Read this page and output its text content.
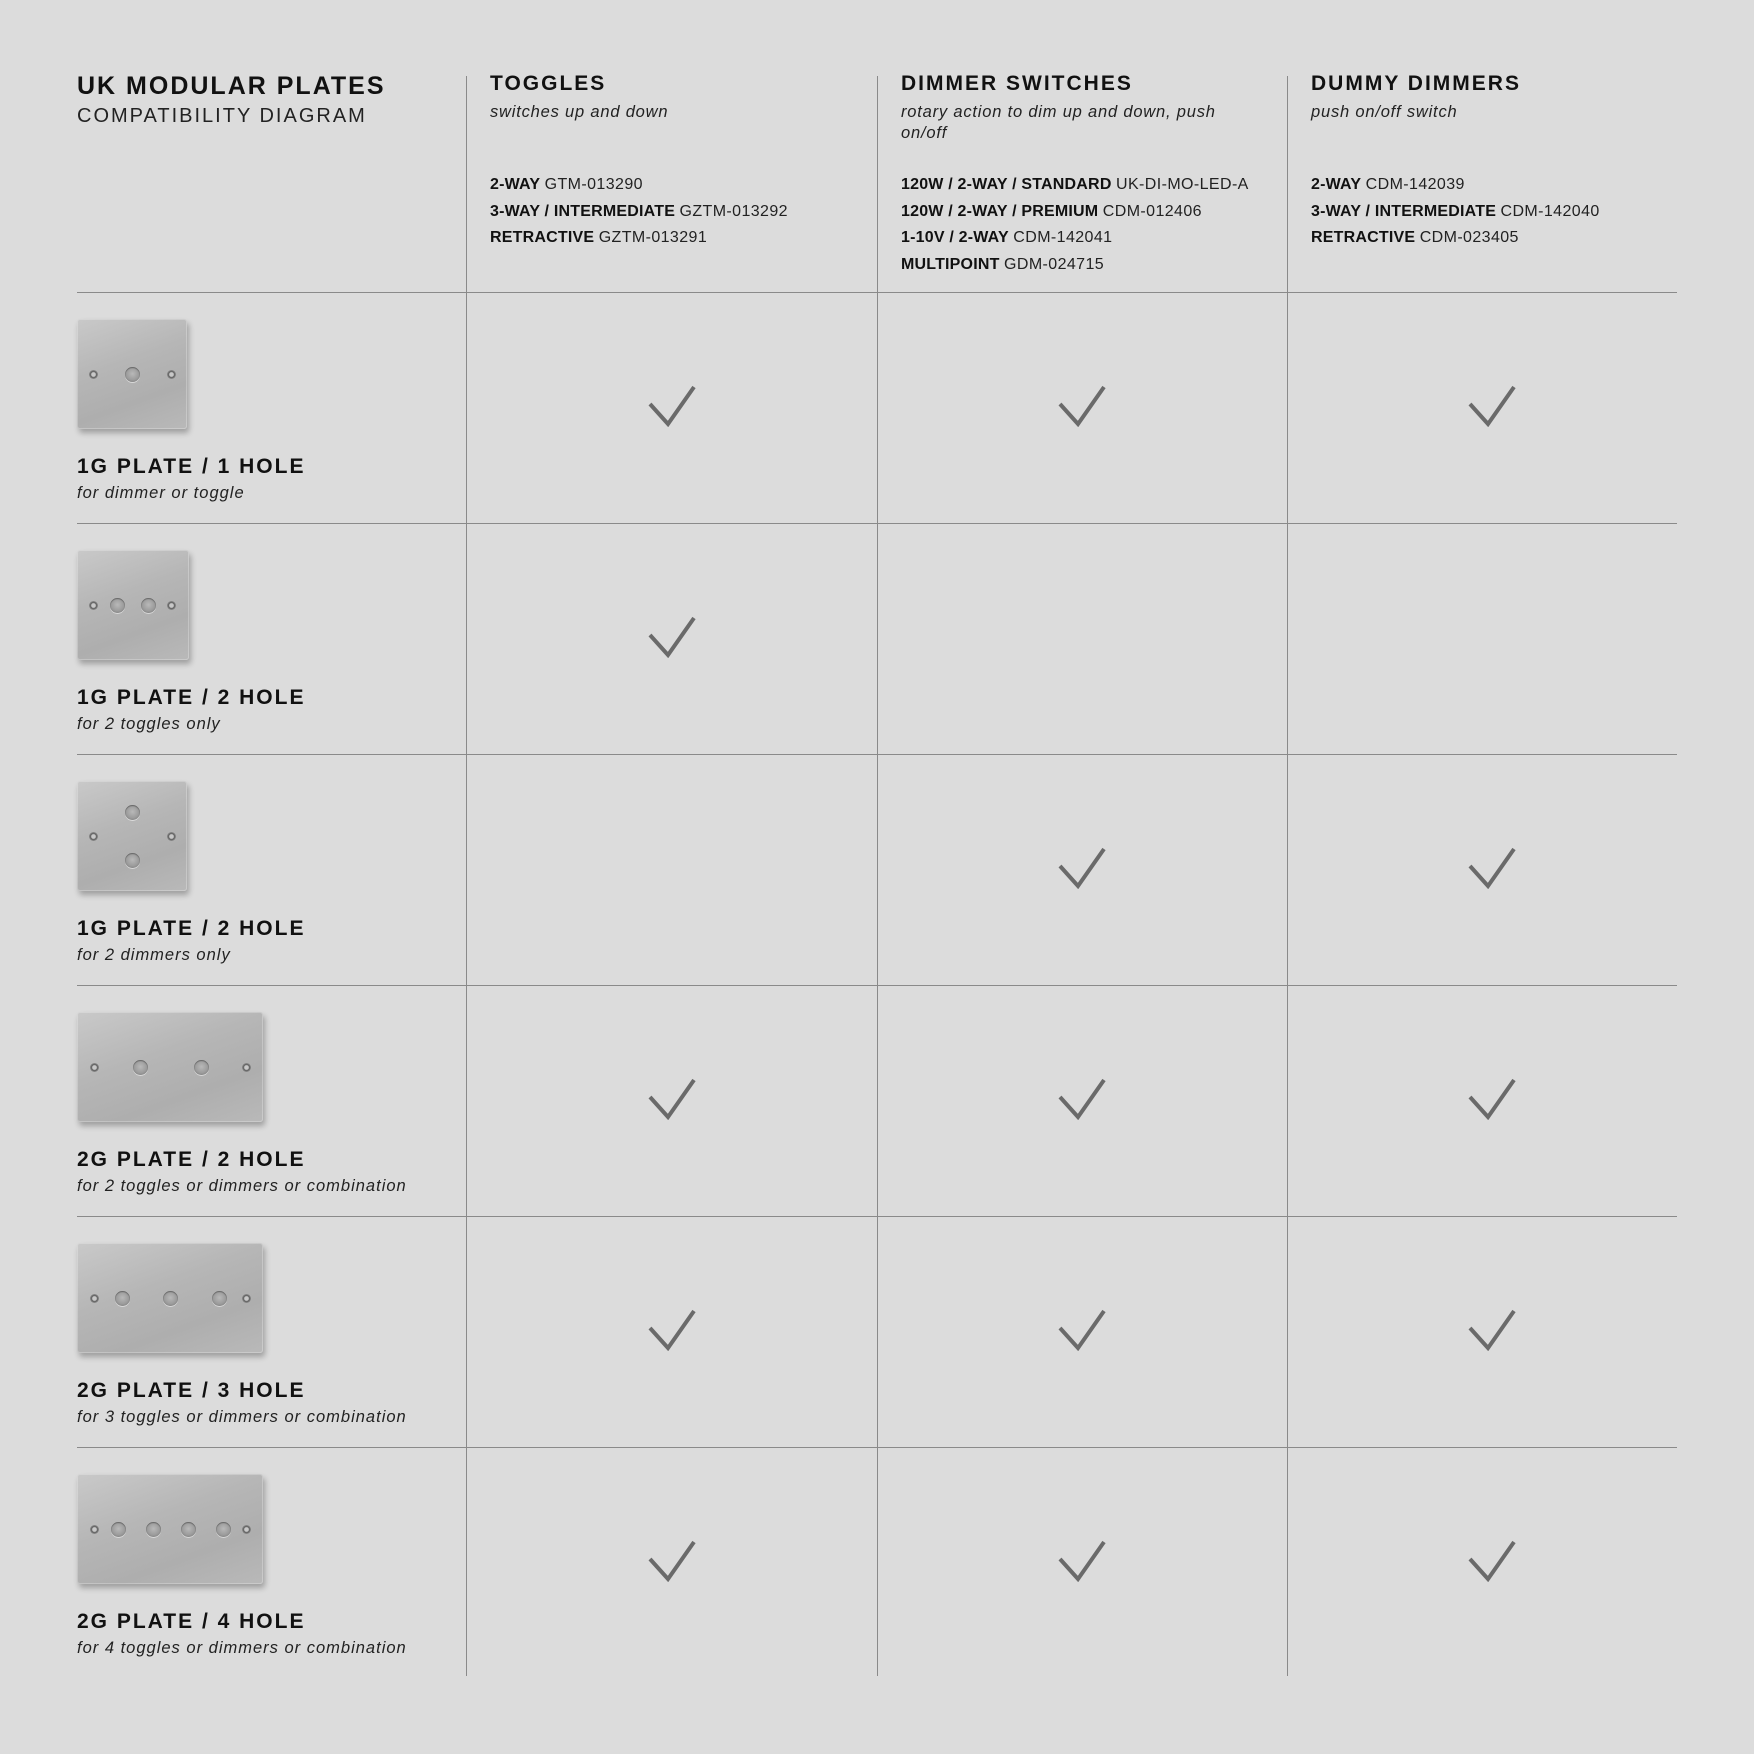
UK MODULAR PLATES
COMPATIBILITY DIAGRAM
TOGGLES
switches up and down
2-WAY GTM-013290
3-WAY / INTERMEDIATE GZTM-013292
RETRACTIVE GZTM-013291
DIMMER SWITCHES
rotary action to dim up and down, push on/off
120W / 2-WAY / STANDARD UK-DI-MO-LED-A
120W / 2-WAY / PREMIUM CDM-012406
1-10V / 2-WAY CDM-142041
MULTIPOINT GDM-024715
DUMMY DIMMERS
push on/off switch
2-WAY CDM-142039
3-WAY / INTERMEDIATE CDM-142040
RETRACTIVE CDM-023405
1G PLATE / 1 HOLE
for dimmer or toggle
1G PLATE / 2 HOLE
for 2 toggles only
1G PLATE / 2 HOLE
for 2 dimmers only
2G PLATE / 2 HOLE
for 2 toggles or dimmers or combination
2G PLATE / 3 HOLE
for 3 toggles or dimmers or combination
2G PLATE / 4 HOLE
for 4 toggles or dimmers or combination
